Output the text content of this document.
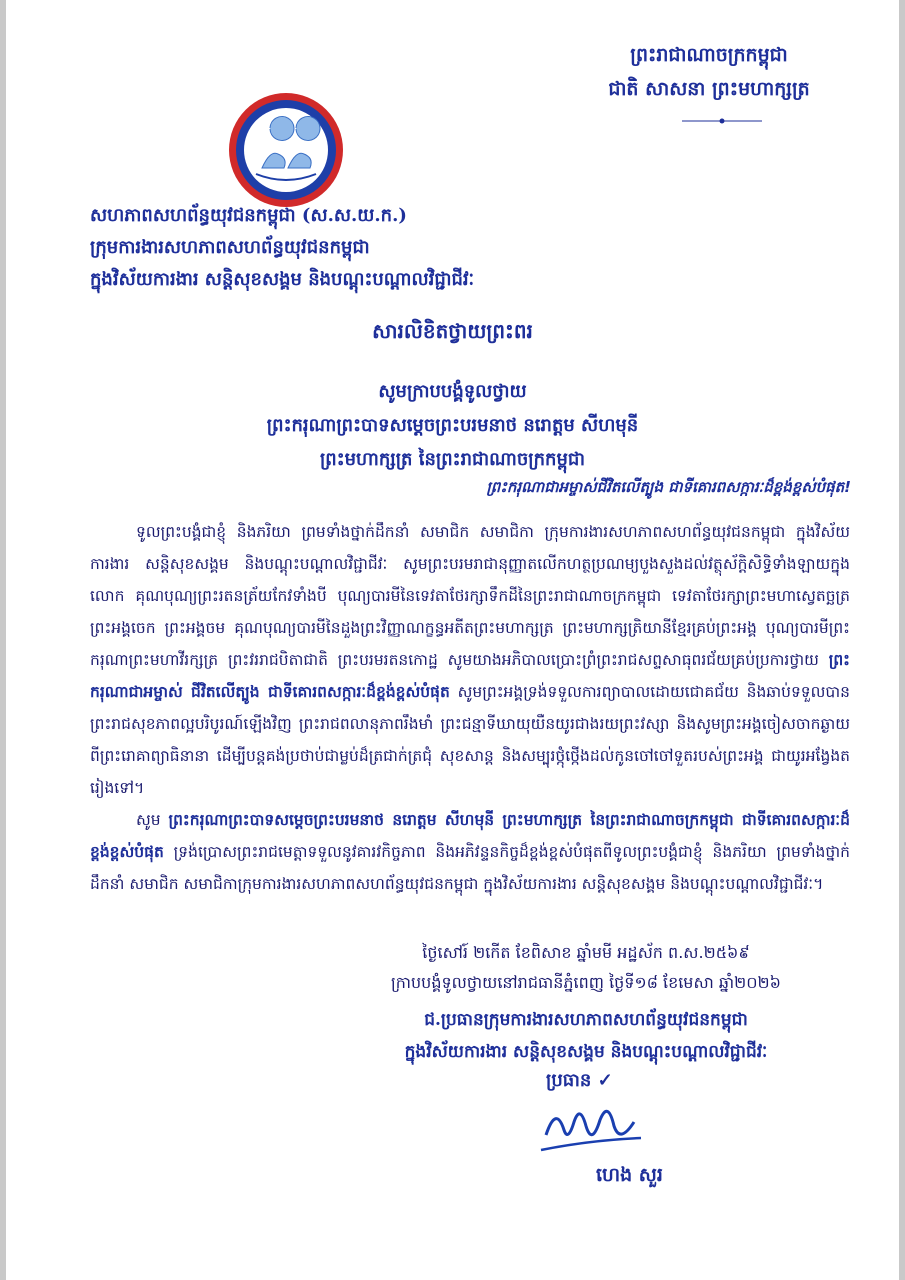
ព្រះរាជាណាចក្រកម្ពុជា
ជាតិ សាសនា ព្រះមហាក្សត្រ
សហភាពសហព័ន្ធយុវជនកម្ពុជា (ស.ស.យ.ក.)
ក្រុមការងារសហភាពសហព័ន្ធយុវជនកម្ពុជា
ក្នុងវិស័យការងារ សន្តិសុខសង្គម និងបណ្តុះបណ្តាលវិជ្ជាជីវៈ
សារលិខិតថ្វាយព្រះពរ
សូមក្រាបបង្គំទូលថ្វាយ
ព្រះករុណាព្រះបាទសម្តេចព្រះបរមនាថ នរោត្តម សីហមុនី
ព្រះមហាក្សត្រ នៃព្រះរាជាណាចក្រកម្ពុជា
ព្រះករុណាជាអម្ចាស់ជីវិតលើត្បូង ជាទីគោរពសក្ការៈដ៏ខ្ពង់ខ្ពស់បំផុត!

ទូលព្រះបង្គំជាខ្ញុំ និងភរិយា ព្រមទាំងថ្នាក់ដឹកនាំ សមាជិក សមាជិកា ក្រុមការងារសហភាពសហព័ន្ធយុវជនកម្ពុជា ក្នុងវិស័យការងារ សន្តិសុខសង្គម និងបណ្តុះបណ្តាលវិជ្ជាជីវៈ សូមព្រះបរមរាជានុញ្ញាតលើកហត្ថប្រណម្យបួងសួងដល់វត្ថុស័ក្តិសិទ្ធិទាំងឡាយក្នុងលោក គុណបុណ្យព្រះរតនត្រ័យកែវទាំងបី បុណ្យបារមីនៃទេវតាថែរក្សាទឹកដីនៃព្រះរាជាណាចក្រកម្ពុជា ទេវតាថែរក្សាព្រះមហាស្វេតច្ឆត្រ ព្រះអង្គចេក ព្រះអង្គចម គុណបុណ្យបារមីនៃដួងព្រះវិញ្ញាណក្ខន្ធអតីតព្រះមហាក្សត្រ ព្រះមហាក្សត្រិយានីខ្មែរគ្រប់ព្រះអង្គ បុណ្យបារមីព្រះករុណាព្រះមហាវីរក្សត្រ ព្រះវររាជបិតាជាតិ ព្រះបរមរតនកោដ្ឋ សូមយាងអភិបាលប្រោះព្រំព្រះរាជសព្ទសាធុពរជ័យគ្រប់ប្រការថ្វាយ ព្រះករុណាជាអម្ចាស់ ជីវិតលើត្បូង ជាទីគោរពសក្ការៈដ៏ខ្ពង់ខ្ពស់បំផុត សូមព្រះអង្គទ្រង់ទទួលការព្យាបាលដោយជោគជ័យ និងឆាប់ទទួលបានព្រះរាជសុខភាពល្អបរិបូរណ៍ឡើងវិញ ព្រះរាជពលានុភាពរឹងមាំ ព្រះជន្មាទីឃាយុយឺនយូរជាងរយព្រះវស្សា និងសូមព្រះអង្គចៀសចាកឆ្ងាយពីព្រះរោគាព្យាធិនានា ដើម្បីបន្តគង់ប្រថាប់ជាម្លប់ដ៏ត្រជាក់ត្រជុំ សុខសាន្ត និងសម្បុរថ្កុំថ្កើងដល់កូនចៅចៅទួតរបស់ព្រះអង្គ ជាយូរអង្វែងតរៀងទៅ។

សូម ព្រះករុណាព្រះបាទសម្តេចព្រះបរមនាថ នរោត្តម សីហមុនី ព្រះមហាក្សត្រ នៃព្រះរាជាណាចក្រកម្ពុជា ជាទីគោរពសក្ការៈដ៏ខ្ពង់ខ្ពស់បំផុត ទ្រង់ប្រោសព្រះរាជមេត្តាទទួលនូវគារវកិច្ចភាព និងអភិវន្ទនកិច្ចដ៏ខ្ពង់ខ្ពស់បំផុតពីទូលព្រះបង្គំជាខ្ញុំ និងភរិយា ព្រមទាំងថ្នាក់ដឹកនាំ សមាជិក សមាជិកាក្រុមការងារសហភាពសហព័ន្ធយុវជនកម្ពុជា ក្នុងវិស័យការងារ សន្តិសុខសង្គម និងបណ្តុះបណ្តាលវិជ្ជាជីវៈ។

ថ្ងៃសៅរ៍ ២កើត ខែពិសាខ ឆ្នាំមមី អដ្ឋស័ក ព.ស.២៥៦៩
ក្រាបបង្គំទូលថ្វាយនៅរាជធានីភ្នំពេញ ថ្ងៃទី១៨ ខែមេសា ឆ្នាំ២០២៦
ជ.ប្រធានក្រុមការងារសហភាពសហព័ន្ធយុវជនកម្ពុជា
ក្នុងវិស័យការងារ សន្តិសុខសង្គម និងបណ្តុះបណ្តាលវិជ្ជាជីវៈ
ប្រធាន ✓
ហេង សួរ
